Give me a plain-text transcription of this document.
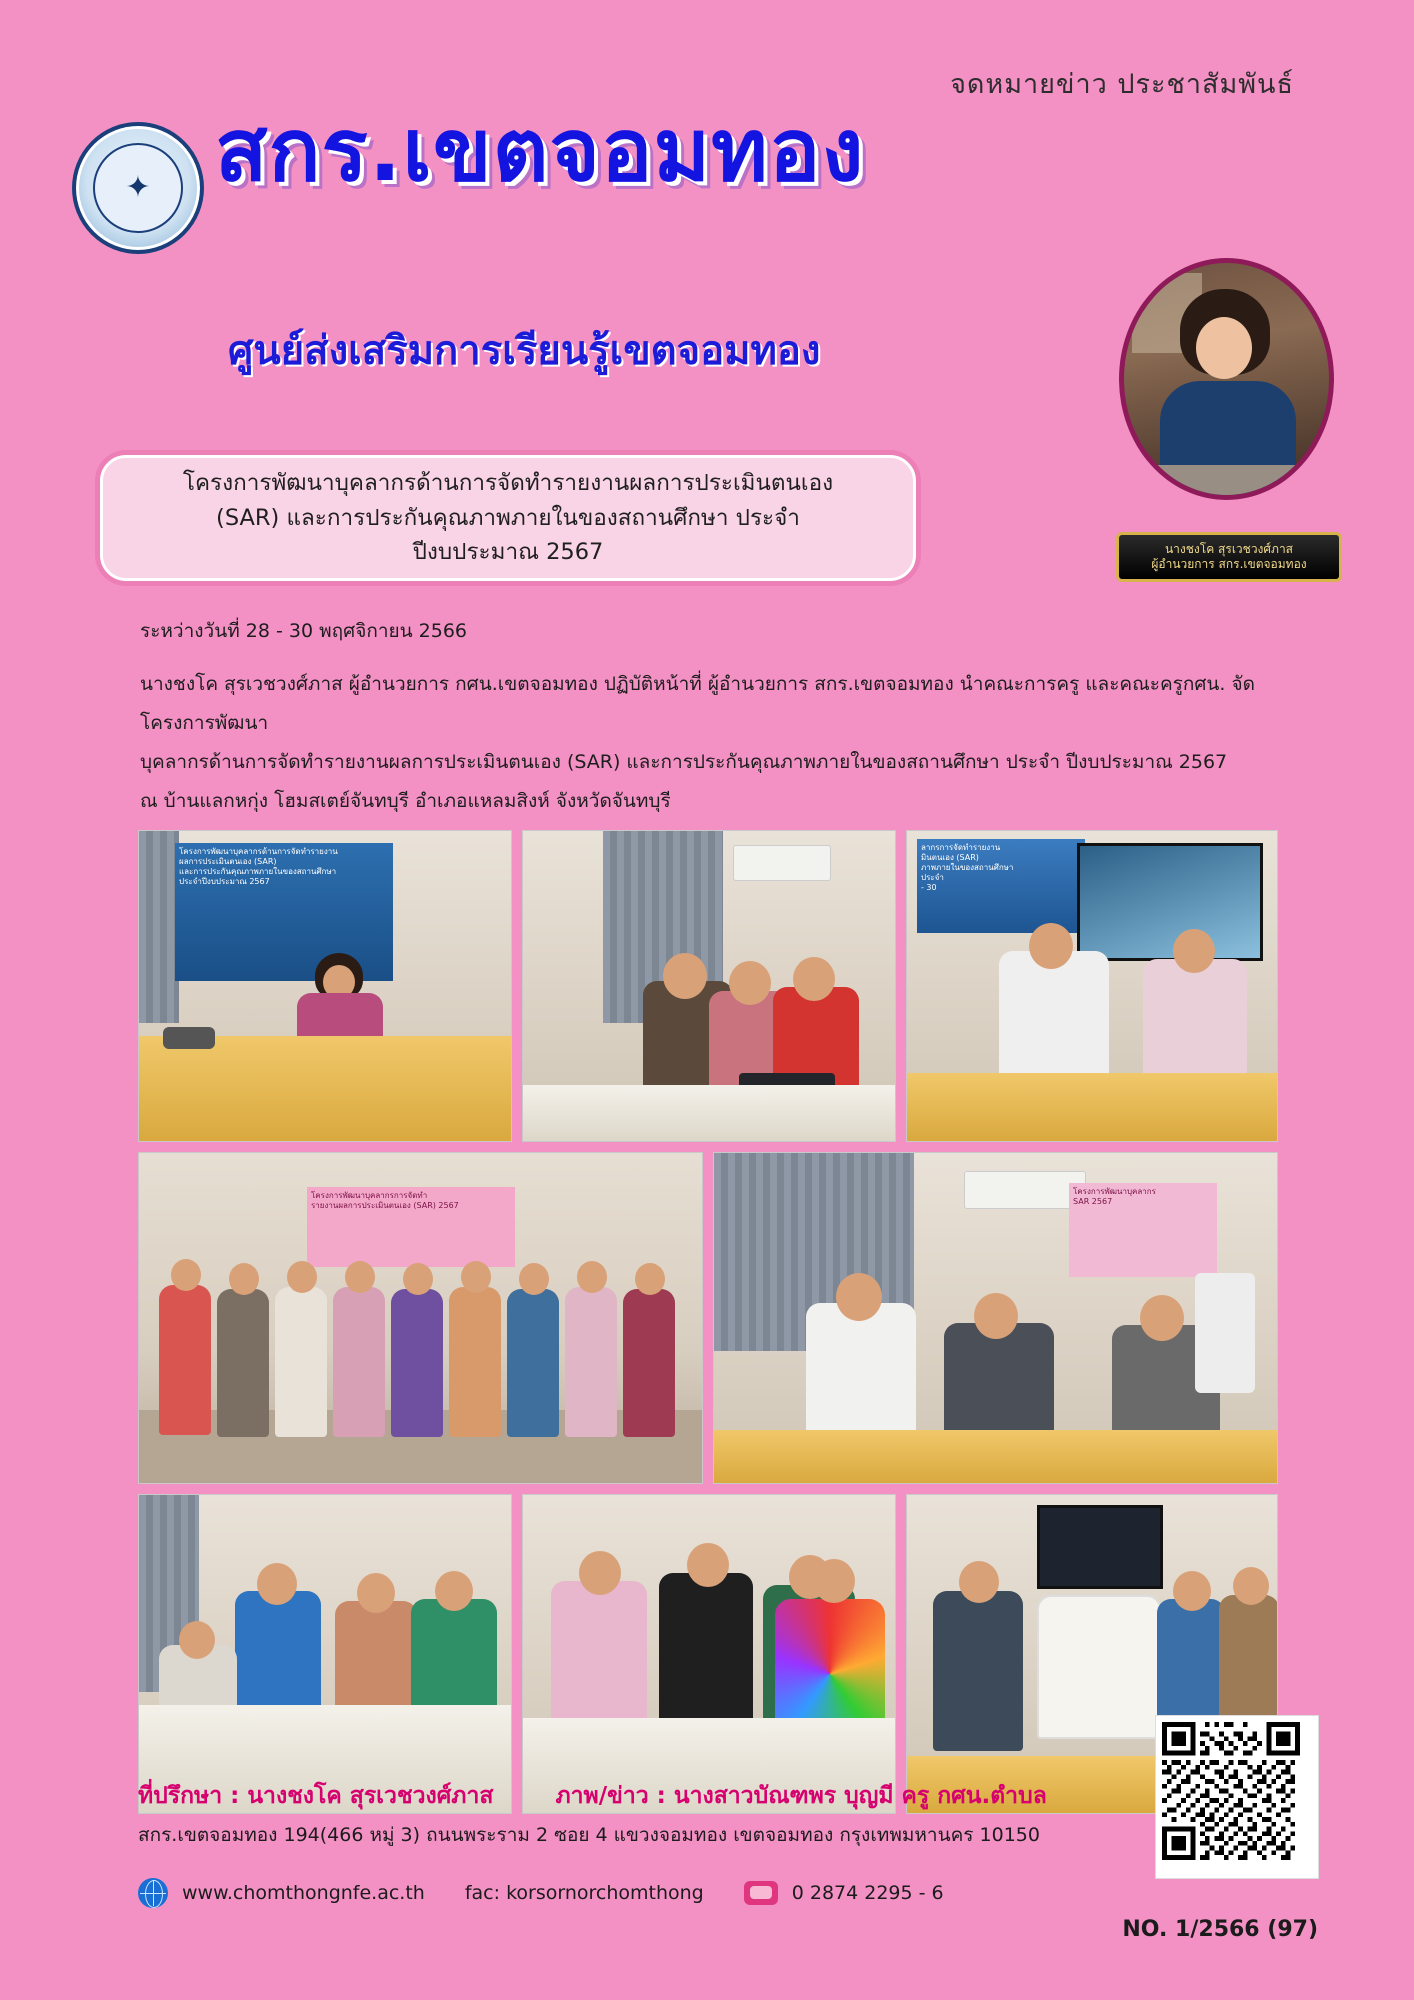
จดหมายข่าว ประชาสัมพันธ์
✦ สกร.เขตจอมทอง
ศูนย์ส่งเสริมการเรียนรู้เขตจอมทอง
นางชงโค สุรเวชวงศ์ภาส
ผู้อำนวยการ สกร.เขตจอมทอง
โครงการพัฒนาบุคลากรด้านการจัดทำรายงานผลการประเมินตนเอง
(SAR) และการประกันคุณภาพภายในของสถานศึกษา ประจำ
ปีงบประมาณ 2567
ระหว่างวันที่ 28 - 30 พฤศจิกายน 2566
นางชงโค สุรเวชวงศ์ภาส ผู้อำนวยการ กศน.เขตจอมทอง ปฏิบัติหน้าที่ ผู้อำนวยการ สกร.เขตจอมทอง นำคณะการครู และคณะครูกศน. จัดโครงการพัฒนา
บุคลากรด้านการจัดทำรายงานผลการประเมินตนเอง (SAR) และการประกันคุณภาพภายในของสถานศึกษา ประจำ ปีงบประมาณ 2567
ณ บ้านแลกหกุ่ง โฮมสเตย์จันทบุรี อำเภอแหลมสิงห์ จังหวัดจันทบุรี
โครงการพัฒนาบุคลากรด้านการจัดทำรายงาน
ผลการประเมินตนเอง (SAR)
และการประกันคุณภาพภายในของสถานศึกษา
ประจำปีงบประมาณ 2567
ลากรการจัดทำรายงาน
มินตนเอง (SAR)
ภาพภายในของสถานศึกษา
ประจำ
- 30
โครงการพัฒนาบุคลากรการจัดทำ
รายงานผลการประเมินตนเอง (SAR) 2567
โครงการพัฒนาบุคลากร
SAR 2567
ที่ปรึกษา : นางชงโค สุรเวชวงศ์ภาส	ภาพ/ข่าว : นางสาวบัณฑพร บุญมี ครู กศน.ตำบล
สกร.เขตจอมทอง 194(466 หมู่ 3) ถนนพระราม 2 ซอย 4 แขวงจอมทอง เขตจอมทอง กรุงเทพมหานคร 10150
www.chomthongnfe.ac.th fac: korsornorchomthong	0 2874 2295 - 6
NO. 1/2566 (97)
